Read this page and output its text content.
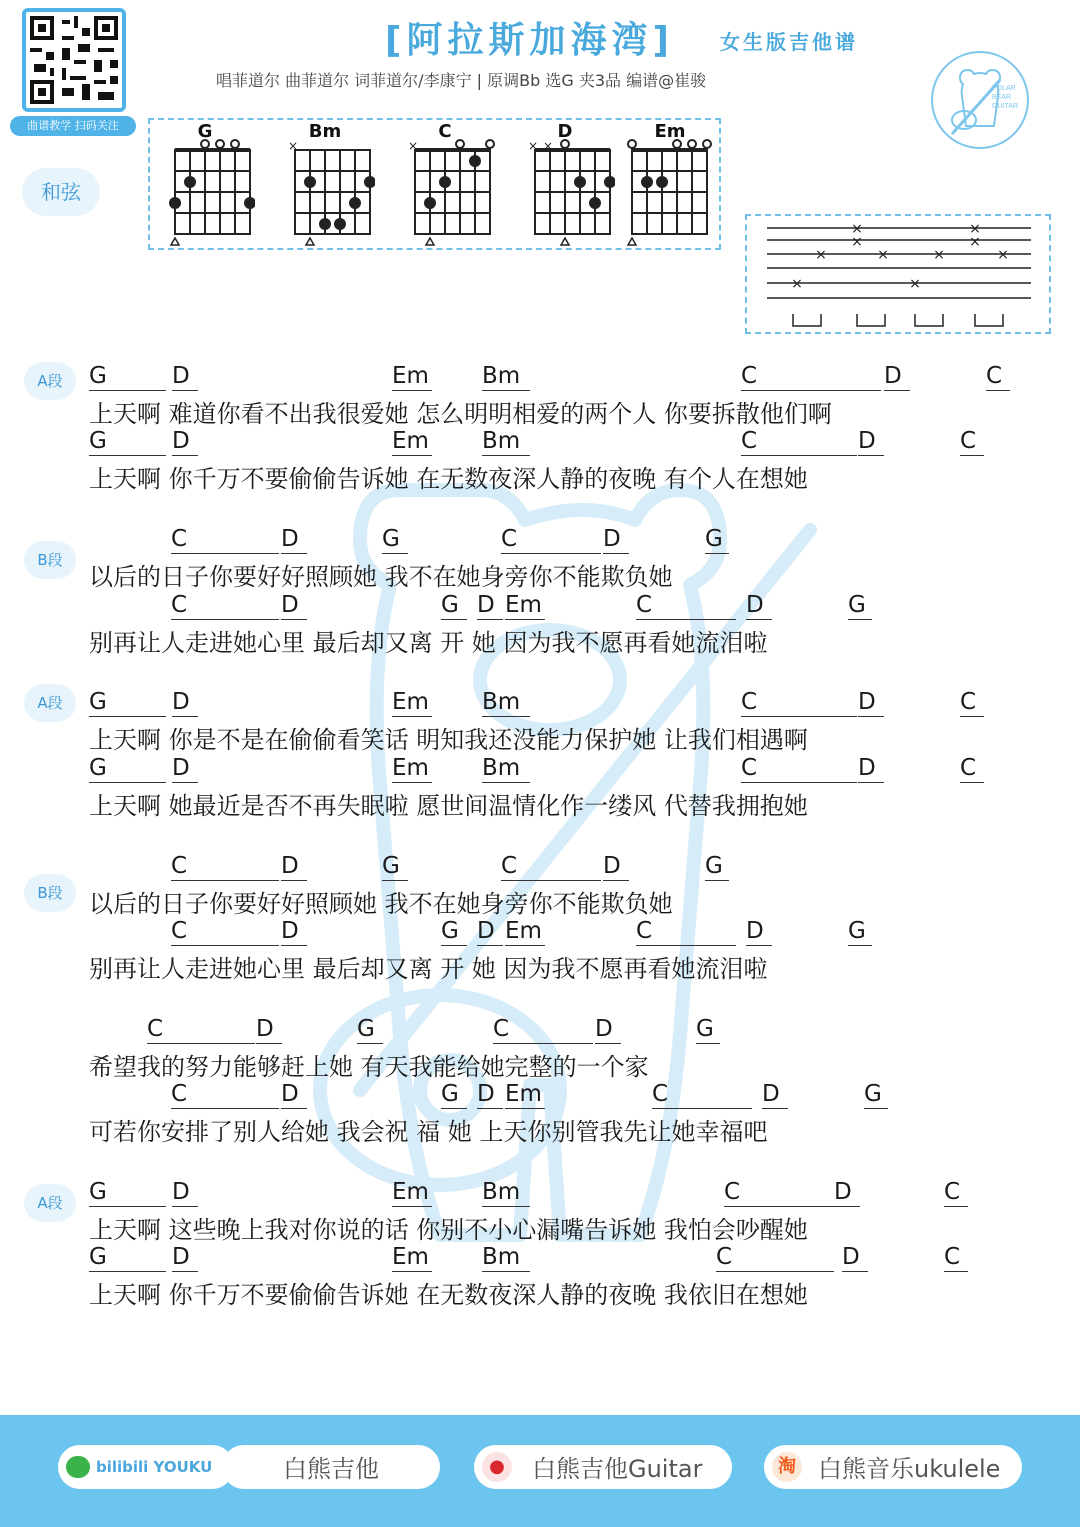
曲谱教学 扫码关注
[阿拉斯加海湾] 女生版吉他谱
唱菲道尔 曲菲道尔 词菲道尔/李康宁 | 原调Bb 选G 夹3品 编谱@崔骏	POLAR
BEAR
GUITAR
和弦
G	Bm
×
C
×
D
× ×
Em
×
×
×
×
×
×
×
×
×
×
A段	G	D	Em Bm	C	D	C
上天啊 难道你看不出我很爱她 怎么明明相爱的两个人 你要拆散他们啊
G	D	Em Bm	C	D	C
上天啊 你千万不要偷偷告诉她 在无数夜深人静的夜晚 有个人在想她
B段
C	D	G	C	D	G
以后的日子你要好好照顾她 我不在她身旁你不能欺负她
C	D	G D Em	C	D	G
别再让人走进她心里 最后却又离 开 她 因为我不愿再看她流泪啦
A段	G	D	Em Bm	C	D	C
上天啊 你是不是在偷偷看笑话 明知我还没能力保护她 让我们相遇啊
G	D	Em Bm	C	D	C
上天啊 她最近是否不再失眠啦 愿世间温情化作一缕风 代替我拥抱她
B段
C	D	G	C	D	G
以后的日子你要好好照顾她 我不在她身旁你不能欺负她
C	D	G D Em	C	D	G
别再让人走进她心里 最后却又离 开 她 因为我不愿再看她流泪啦
C	D	G	C	D	G
希望我的努力能够赶上她 有天我能给她完整的一个家
C	D	G D Em	C	D	G
可若你安排了别人给她 我会祝 福 她 上天你别管我先让她幸福吧
A段	G	D	Em Bm	C	D	C
上天啊 这些晚上我对你说的话 你别不小心漏嘴告诉她 我怕会吵醒她
G	D	Em Bm	C	D	C
上天啊 你千万不要偷偷告诉她 在无数夜深人静的夜晚 我依旧在想她
bilibili YOUKU	白熊吉他	● 白熊吉他Guitar	淘 白熊音乐ukulele
